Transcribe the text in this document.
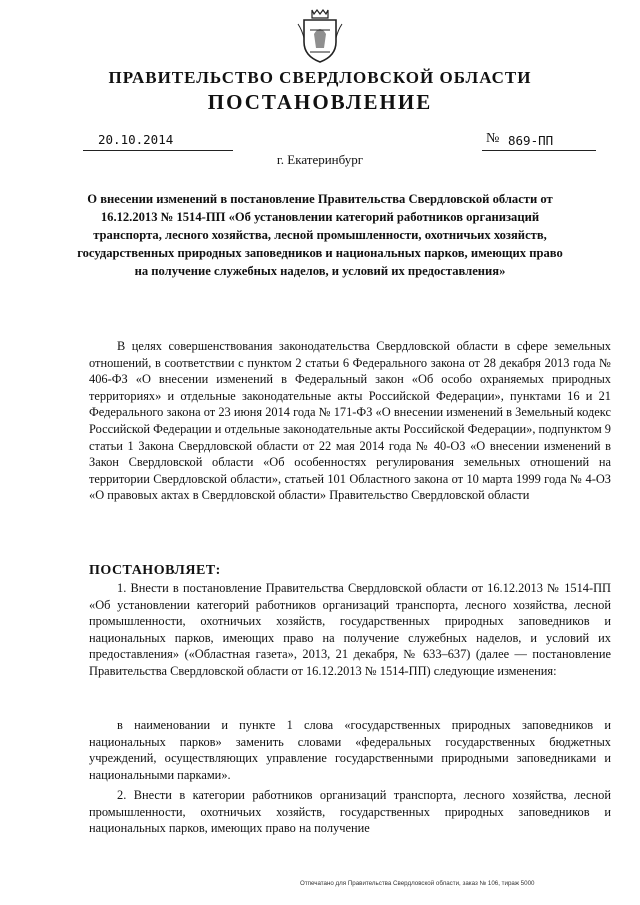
ПРАВИТЕЛЬСТВО СВЕРДЛОВСКОЙ ОБЛАСТИ
ПОСТАНОВЛЕНИЕ
20.10.2014	№ 869-ПП
г. Екатеринбург
О внесении изменений в постановление Правительства Свердловской области от 16.12.2013 № 1514-ПП «Об установлении категорий работников организаций транспорта, лесного хозяйства, лесной промышленности, охотничьих хозяйств, государственных природных заповедников и национальных парков, имеющих право на получение служебных наделов, и условий их предоставления»
В целях совершенствования законодательства Свердловской области в сфере земельных отношений, в соответствии с пунктом 2 статьи 6 Федерального закона от 28 декабря 2013 года № 406-ФЗ «О внесении изменений в Федеральный закон «Об особо охраняемых природных территориях» и отдельные законодательные акты Российской Федерации», пунктами 16 и 21 Федерального закона от 23 июня 2014 года № 171-ФЗ «О внесении изменений в Земельный кодекс Российской Федерации и отдельные законодательные акты Российской Федерации», подпунктом 9 статьи 1 Закона Свердловской области от 22 мая 2014 года № 40-ОЗ «О внесении изменений в Закон Свердловской области «Об особенностях регулирования земельных отношений на территории Свердловской области», статьей 101 Областного закона от 10 марта 1999 года № 4-ОЗ «О правовых актах в Свердловской области» Правительство Свердловской области
ПОСТАНОВЛЯЕТ:
1. Внести в постановление Правительства Свердловской области от 16.12.2013 № 1514-ПП «Об установлении категорий работников организаций транспорта, лесного хозяйства, лесной промышленности, охотничьих хозяйств, государственных природных заповедников и национальных парков, имеющих право на получение служебных наделов, и условий их предоставления» («Областная газета», 2013, 21 декабря, № 633–637) (далее — постановление Правительства Свердловской области от 16.12.2013 № 1514-ПП) следующие изменения:
в наименовании и пункте 1 слова «государственных природных заповедников и национальных парков» заменить словами «федеральных государственных бюджетных учреждений, осуществляющих управление государственными природными заповедниками и национальными парками».
2. Внести в категории работников организаций транспорта, лесного хозяйства, лесной промышленности, охотничьих хозяйств, государственных природных заповедников и национальных парков, имеющих право на получение
Отпечатано для Правительства Свердловской области, заказ № 106, тираж 5000
